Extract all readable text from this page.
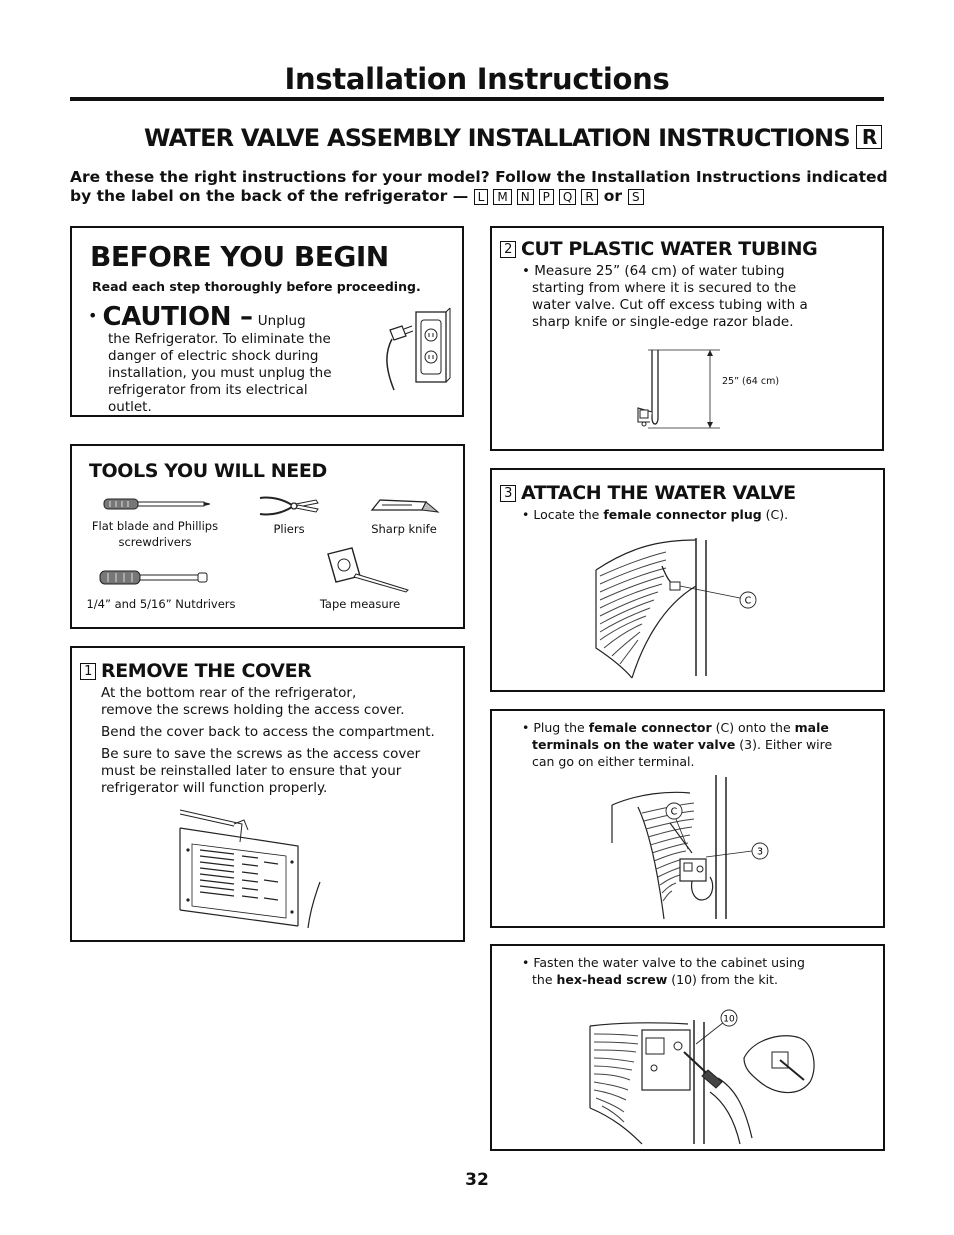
Installation Instructions
WATER VALVE ASSEMBLY INSTALLATION INSTRUCTIONS R
Are these the right instructions for your model? Follow the Installation Instructions indicated by the label on the back of the refrigerator — L M N P Q R or S
BEFORE YOU BEGIN
Read each step thoroughly before proceeding.
• CAUTION – Unplug
the Refrigerator. To eliminate the danger of electric shock during installation, you must unplug the refrigerator from its electrical outlet.
TOOLS YOU WILL NEED
Flat blade and Phillips screwdrivers
Pliers	Sharp knife
1/4” and 5/16” Nutdrivers	Tape measure
1 REMOVE THE COVER
At the bottom rear of the refrigerator, remove the screws holding the access cover.
Bend the cover back to access the compartment.
Be sure to save the screws as the access cover must be reinstalled later to ensure that your refrigerator will function properly.
2 CUT PLASTIC WATER TUBING
• Measure 25” (64 cm) of water tubing starting from where it is secured to the water valve. Cut off excess tubing with a sharp knife or single-edge razor blade.
25” (64 cm)
3 ATTACH THE WATER VALVE
• Locate the female connector plug (C).
C
• Plug the female connector (C) onto the male terminals on the water valve (3). Either wire can go on either terminal.
C
3
• Fasten the water valve to the cabinet using the hex-head screw (10) from the kit.
10
32
